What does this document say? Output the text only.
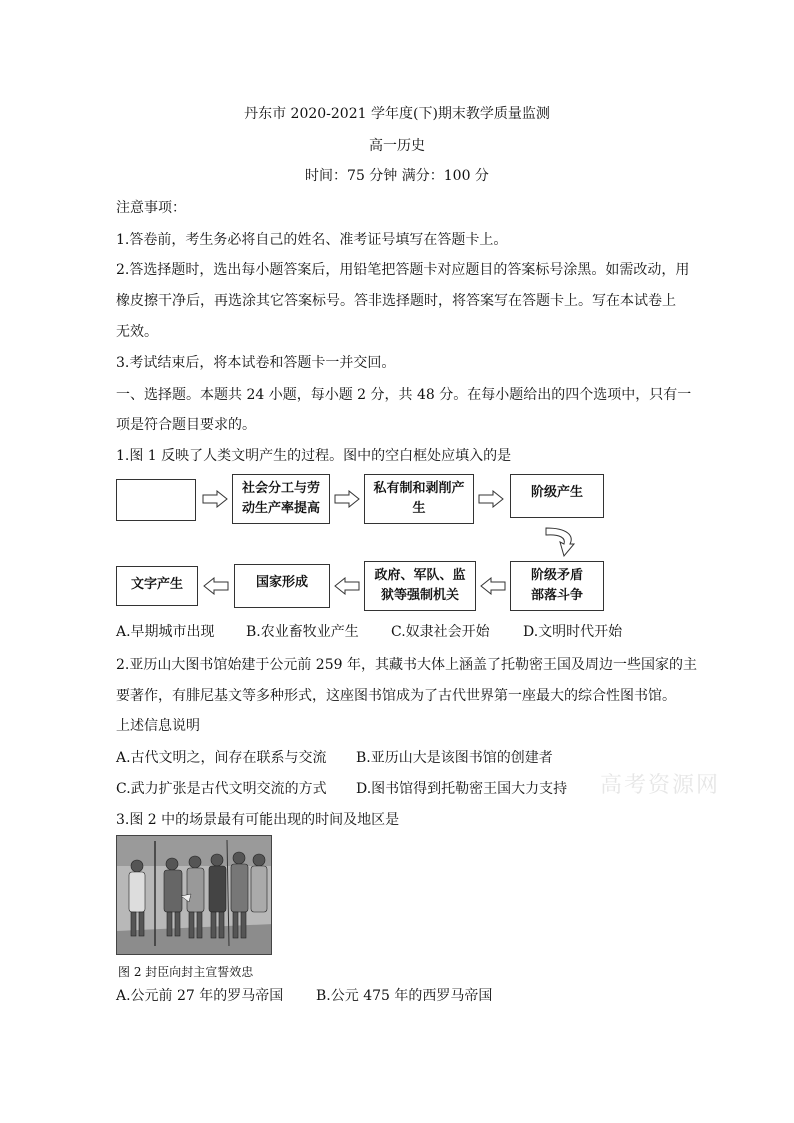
丹东市 2020-2021 学年度(下)期末教学质量监测
高一历史
时间：75 分钟 满分：100 分
注意事项：
1.答卷前，考生务必将自己的姓名、准考证号填写在答题卡上。
2.答选择题时，选出每小题答案后，用铅笔把答题卡对应题目的答案标号涂黑。如需改动，用
橡皮擦干净后，再选涂其它答案标号。答非选择题时，将答案写在答题卡上。写在本试卷上
无效。
3.考试结束后，将本试卷和答题卡一并交回。
一、选择题。本题共 24 小题，每小题 2 分，共 48 分。在每小题给出的四个选项中，只有一
项是符合题目要求的。
1.图 1 反映了人类文明产生的过程。图中的空白框处应填入的是
社会分工与劳
动生产率提高
私有制和剥削产
生
阶级产生
阶级矛盾
部落斗争
政府、军队、监
狱等强制机关
国家形成
文字产生
A.早期城市出现 B.农业畜牧业产生 C.奴隶社会开始 D.文明时代开始
2.亚历山大图书馆始建于公元前 259 年，其藏书大体上涵盖了托勒密王国及周边一些国家的主
要著作，有腓尼基文等多种形式，这座图书馆成为了古代世界第一座最大的综合性图书馆。
上述信息说明
A.古代文明之，间存在联系与交流 B.亚历山大是该图书馆的创建者
C.武力扩张是古代文明交流的方式 D.图书馆得到托勒密王国大力支持 高考资源网
3.图 2 中的场景最有可能出现的时间及地区是
图 2 封臣向封主宣誓效忠
A.公元前 27 年的罗马帝国 B.公元 475 年的西罗马帝国
